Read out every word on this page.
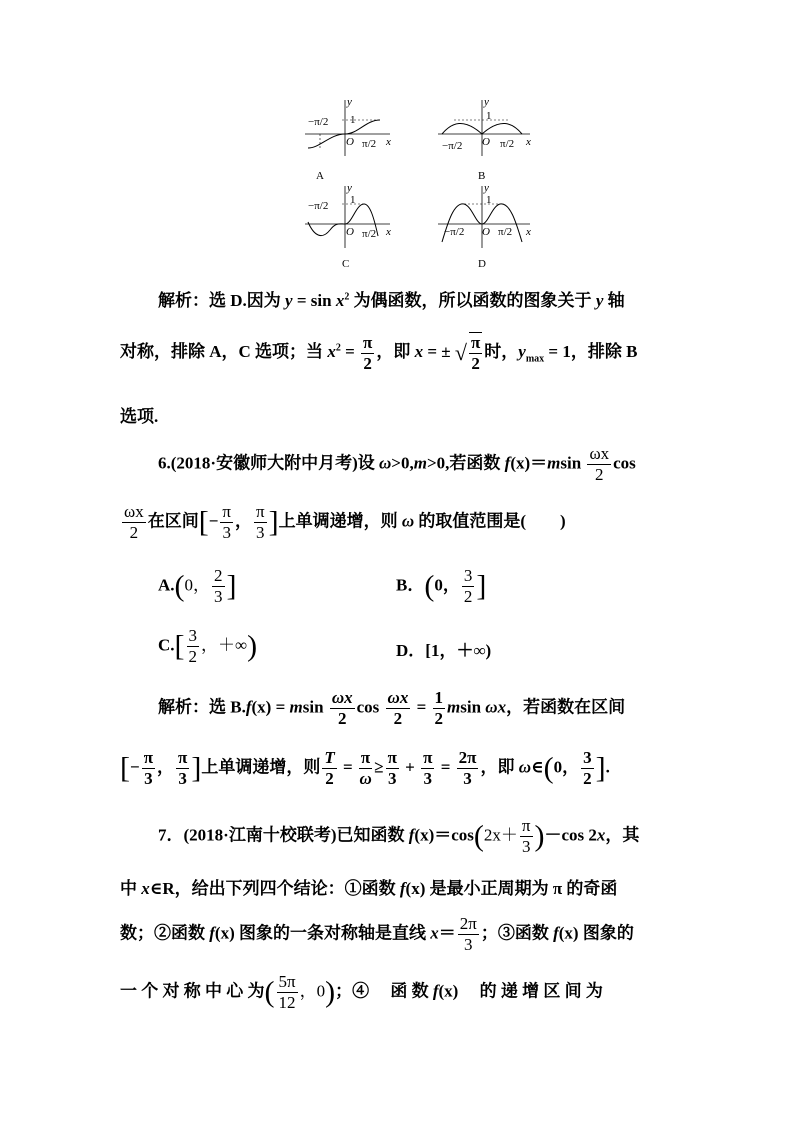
y
x
1
O
−π/2
π/2
A
y
x
1
O
−π/2	π/2
B
y
x
1
O
−π/2
π/2
C
y
x
1
O
−π/2	π/2
D
解析：选 D.因为 $y = \sin x^2$ 为偶函数，所以函数的图象关于 y 轴
对称，排除 A，C 选项；当 $x^2 = \frac{\pi}{2}$ ，即 x = ± √ $\frac{\pi}{2}$ 时，$y_{max} = 1$，排除 B
选项.
6.(2018·安徽师大附中月考)设 ω>0,m>0,若函数 $f(x)=msin \frac{\omega x}{2}$ cos
$\frac{\omega x}{2}$ 在区间[− $\frac{\pi}{3}$ ， $\frac{\pi}{3}$ ]上单调递增，则 ω 的取值范围是(　　)
A.(0， $\frac{2}{3}$ ]	B．(0， $\frac{3}{2}$ ]
$C.[ \frac{3}{2}$ ，＋∞)	D．[1，＋∞)
解析：选 B.f(x) = msin $\frac{\omega x}{2}$ $\cos \frac{\omega x}{2} = \frac{1}{2}$ msin ωx，若函数在区间
[− $\frac{\pi}{3}$ ， $\frac{\pi}{3}$ ]上单调递增，则 $\frac{T}{2} = \frac{\pi}{\omega} \ge \frac{\pi}{3} + \frac{\pi}{3} = \frac{2\pi}{3}$ ，即 ω∈(0， $\frac{3}{2}$ ].
7．(2018·江南十校联考)已知函数 $f(x)=\cos(2x+ \frac{\pi}{3} )-\cos$ 2x，其
中 x∈R，给出下列四个结论：①函数 f(x) 是最小正周期为 π 的奇函
数；②函数 f(x) 图象的一条对称轴是直线 $x= \frac{2\pi}{3}$ ；③函数 f(x) 图象的
一 个 对 称 中 心 为( $\frac{5\pi}{12}$ ，0)；④　 函 数 f(x)　 的 递 增 区 间 为
